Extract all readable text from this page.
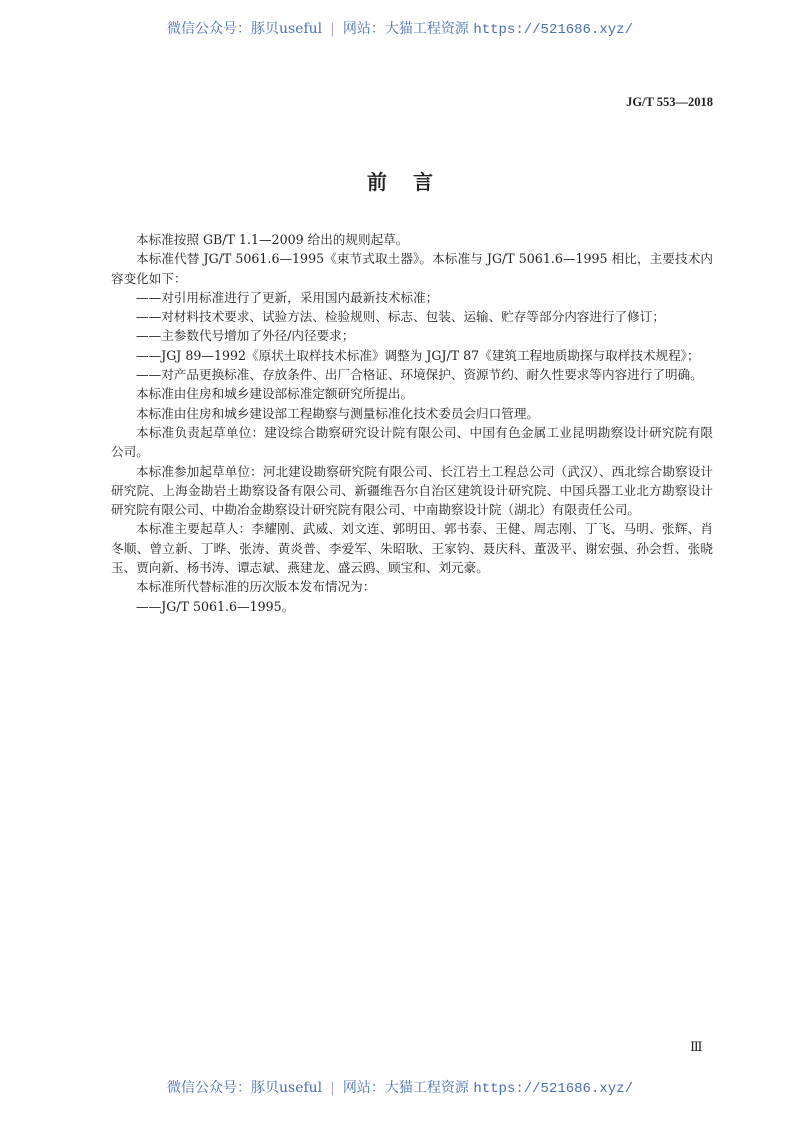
微信公众号：豚贝useful | 网站：大猫工程资源 https://521686.xyz/
JG/T 553—2018
前言

本标准按照 GB/T 1.1—2009 给出的规则起草。

本标准代替 JG/T 5061.6—1995《束节式取土器》。本标准与 JG/T 5061.6—1995 相比，主要技术内容变化如下：

——对引用标准进行了更新，采用国内最新技术标准；

——对材料技术要求、试验方法、检验规则、标志、包装、运输、贮存等部分内容进行了修订；

——主参数代号增加了外径/内径要求；

——JGJ 89—1992《原状土取样技术标准》调整为 JGJ/T 87《建筑工程地质勘探与取样技术规程》；

——对产品更换标准、存放条件、出厂合格证、环境保护、资源节约、耐久性要求等内容进行了明确。

本标准由住房和城乡建设部标准定额研究所提出。

本标准由住房和城乡建设部工程勘察与测量标准化技术委员会归口管理。

本标准负责起草单位：建设综合勘察研究设计院有限公司、中国有色金属工业昆明勘察设计研究院有限公司。

本标准参加起草单位：河北建设勘察研究院有限公司、长江岩土工程总公司（武汉）、西北综合勘察设计研究院、上海金勘岩土勘察设备有限公司、新疆维吾尔自治区建筑设计研究院、中国兵器工业北方勘察设计研究院有限公司、中勘冶金勘察设计研究院有限公司、中南勘察设计院（湖北）有限责任公司。

本标准主要起草人：李耀刚、武威、刘文连、郭明田、郭书泰、王健、周志刚、丁飞、马明、张辉、肖冬顺、曾立新、丁晔、张涛、黄炎普、李爱军、朱昭耿、王家钧、聂庆科、董汲平、谢宏强、孙会哲、张晓玉、贾向新、杨书涛、谭志斌、燕建龙、盛云鸥、顾宝和、刘元豪。

本标准所代替标准的历次版本发布情况为：

——JG/T 5061.6—1995。

Ⅲ
微信公众号：豚贝useful | 网站：大猫工程资源 https://521686.xyz/
